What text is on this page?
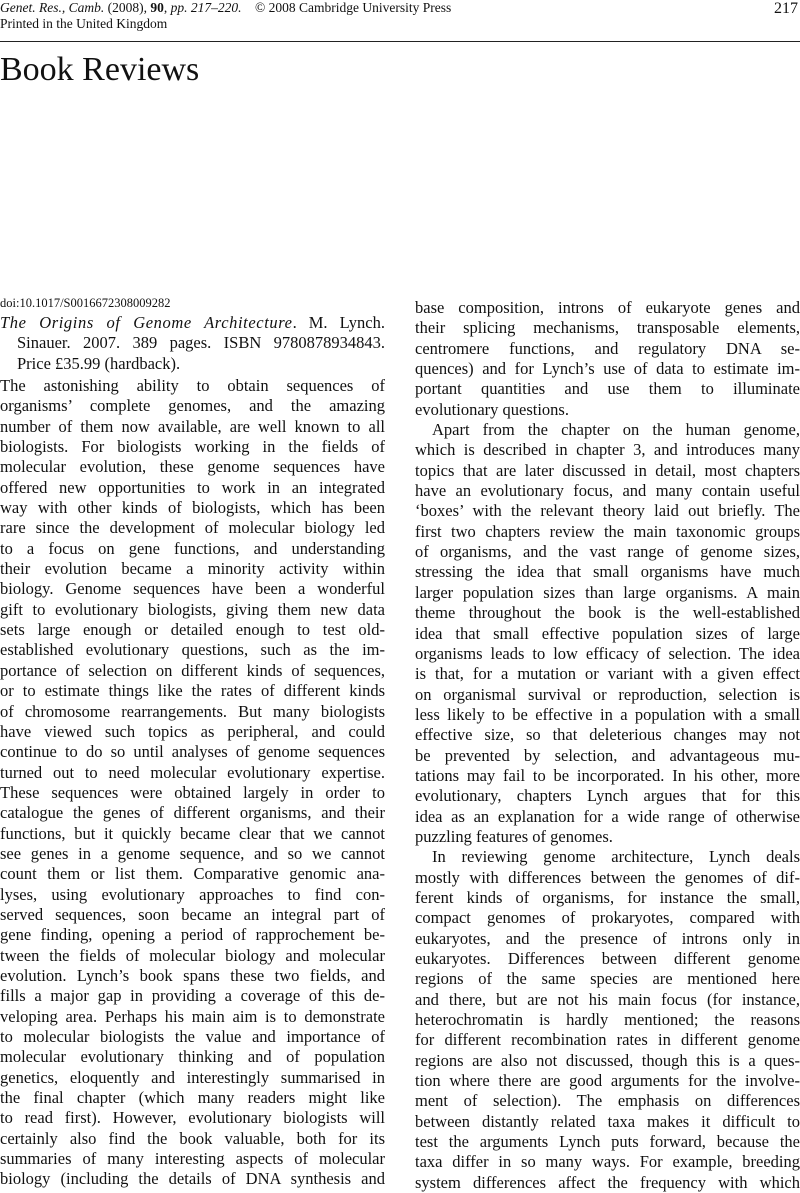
Genet. Res., Camb. (2008), 90, pp. 217–220. © 2008 Cambridge University Press
Printed in the United Kingdom
217
Book Reviews
doi:10.1017/S0016672308009282
The Origins of Genome Architecture. M. Lynch.
Sinauer. 2007. 389 pages. ISBN 9780878934843.
Price £35.99 (hardback).
The astonishing ability to obtain sequences of
organisms’ complete genomes, and the amazing
number of them now available, are well known to all
biologists. For biologists working in the fields of
molecular evolution, these genome sequences have
offered new opportunities to work in an integrated
way with other kinds of biologists, which has been
rare since the development of molecular biology led
to a focus on gene functions, and understanding
their evolution became a minority activity within
biology. Genome sequences have been a wonderful
gift to evolutionary biologists, giving them new data
sets large enough or detailed enough to test old-
established evolutionary questions, such as the im-
portance of selection on different kinds of sequences,
or to estimate things like the rates of different kinds
of chromosome rearrangements. But many biologists
have viewed such topics as peripheral, and could
continue to do so until analyses of genome sequences
turned out to need molecular evolutionary expertise.
These sequences were obtained largely in order to
catalogue the genes of different organisms, and their
functions, but it quickly became clear that we cannot
see genes in a genome sequence, and so we cannot
count them or list them. Comparative genomic ana-
lyses, using evolutionary approaches to find con-
served sequences, soon became an integral part of
gene finding, opening a period of rapprochement be-
tween the fields of molecular biology and molecular
evolution. Lynch’s book spans these two fields, and
fills a major gap in providing a coverage of this de-
veloping area. Perhaps his main aim is to demonstrate
to molecular biologists the value and importance of
molecular evolutionary thinking and of population
genetics, eloquently and interestingly summarised in
the final chapter (which many readers might like
to read first). However, evolutionary biologists will
certainly also find the book valuable, both for its
summaries of many interesting aspects of molecular
biology (including the details of DNA synthesis and
base composition, introns of eukaryote genes and
their splicing mechanisms, transposable elements,
centromere functions, and regulatory DNA se-
quences) and for Lynch’s use of data to estimate im-
portant quantities and use them to illuminate
evolutionary questions.
Apart from the chapter on the human genome,
which is described in chapter 3, and introduces many
topics that are later discussed in detail, most chapters
have an evolutionary focus, and many contain useful
‘boxes’ with the relevant theory laid out briefly. The
first two chapters review the main taxonomic groups
of organisms, and the vast range of genome sizes,
stressing the idea that small organisms have much
larger population sizes than large organisms. A main
theme throughout the book is the well-established
idea that small effective population sizes of large
organisms leads to low efficacy of selection. The idea
is that, for a mutation or variant with a given effect
on organismal survival or reproduction, selection is
less likely to be effective in a population with a small
effective size, so that deleterious changes may not
be prevented by selection, and advantageous mu-
tations may fail to be incorporated. In his other, more
evolutionary, chapters Lynch argues that for this
idea as an explanation for a wide range of otherwise
puzzling features of genomes.
In reviewing genome architecture, Lynch deals
mostly with differences between the genomes of dif-
ferent kinds of organisms, for instance the small,
compact genomes of prokaryotes, compared with
eukaryotes, and the presence of introns only in
eukaryotes. Differences between different genome
regions of the same species are mentioned here
and there, but are not his main focus (for instance,
heterochromatin is hardly mentioned; the reasons
for different recombination rates in different genome
regions are also not discussed, though this is a ques-
tion where there are good arguments for the involve-
ment of selection). The emphasis on differences
between distantly related taxa makes it difficult to
test the arguments Lynch puts forward, because the
taxa differ in so many ways. For example, breeding
system differences affect the frequency with which
